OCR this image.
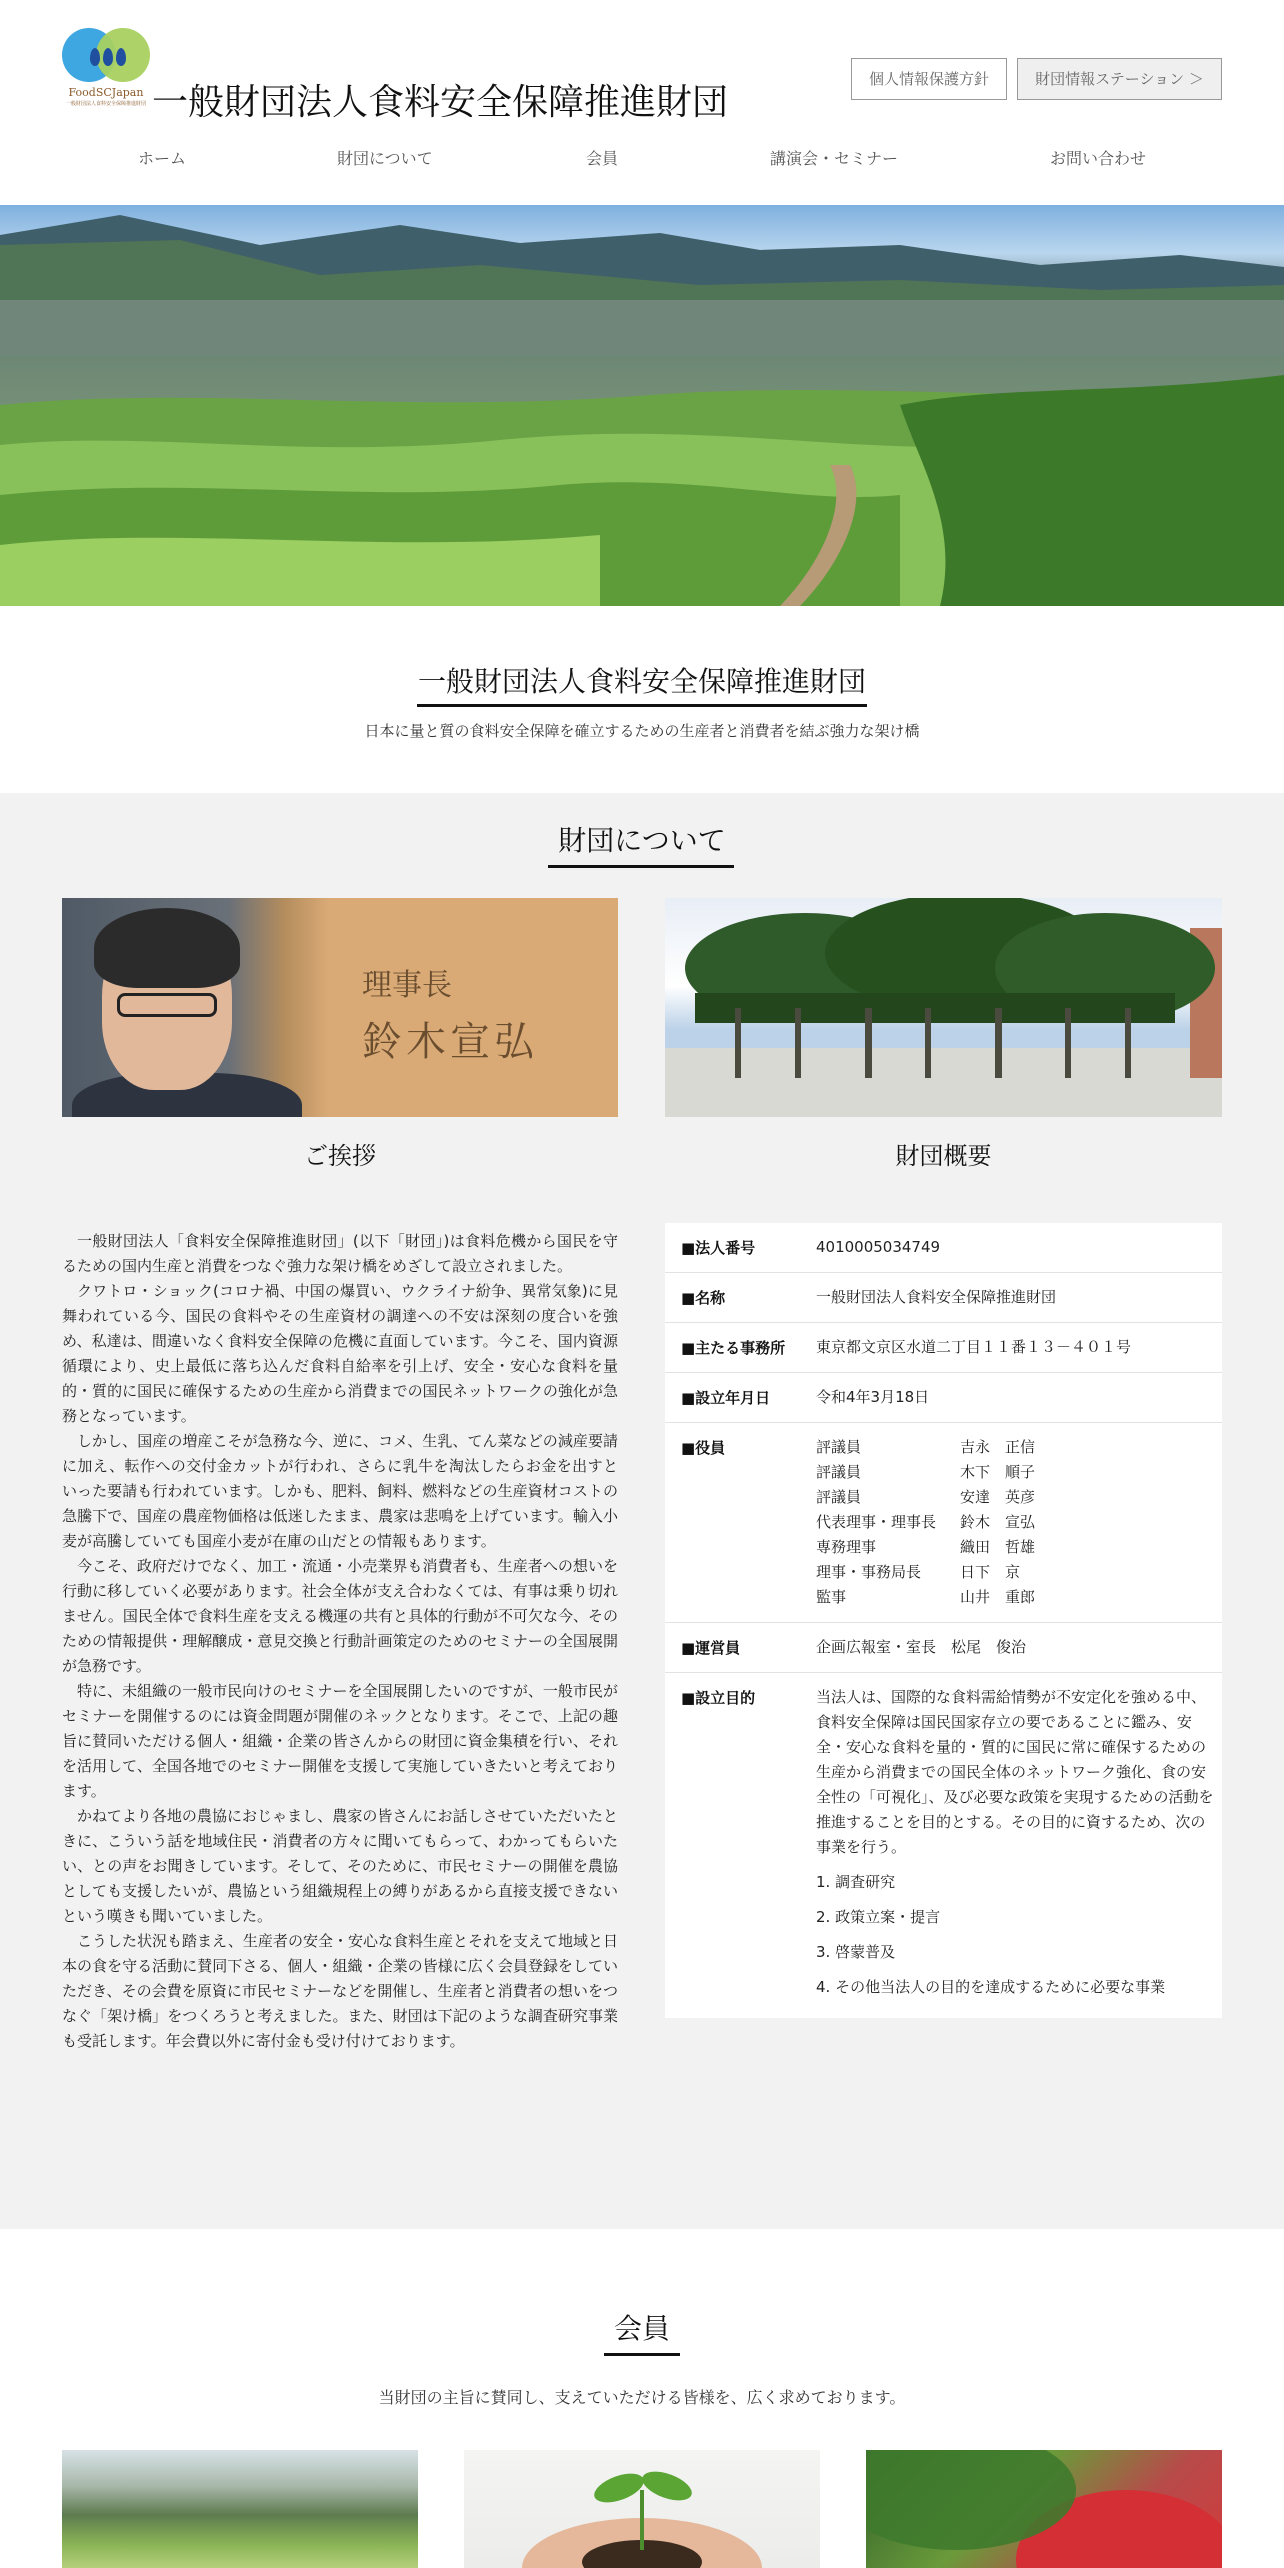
FoodSCJapan
一般財団法人食料安全保障推進財団 一般財団法人食料安全保障推進財団
個人情報保護方針	財団情報ステーション ＞
ホーム	財団について	会員	講演会・セミナー	お問い合わせ
一般財団法人食料安全保障推進財団
日本に量と質の食料安全保障を確立するための生産者と消費者を結ぶ強力な架け橋
財団について
理事長
鈴木宣弘
ご挨拶	財団概要

一般財団法人「食料安全保障推進財団」(以下「財団」)は食料危機から国民を守るための国内生産と消費をつなぐ強力な架け橋をめざして設立されました。

クワトロ・ショック(コロナ禍、中国の爆買い、ウクライナ紛争、異常気象)に見舞われている今、国民の食料やその生産資材の調達への不安は深刻の度合いを強め、私達は、間違いなく食料安全保障の危機に直面しています。今こそ、国内資源循環により、史上最低に落ち込んだ食料自給率を引上げ、安全・安心な食料を量的・質的に国民に確保するための生産から消費までの国民ネットワークの強化が急務となっています。

しかし、国産の増産こそが急務な今、逆に、コメ、生乳、てん菜などの減産要請に加え、転作への交付金カットが行われ、さらに乳牛を淘汰したらお金を出すといった要請も行われています。しかも、肥料、飼料、燃料などの生産資材コストの急騰下で、国産の農産物価格は低迷したまま、農家は悲鳴を上げています。輸入小麦が高騰していても国産小麦が在庫の山だとの情報もあります。

今こそ、政府だけでなく、加工・流通・小売業界も消費者も、生産者への想いを行動に移していく必要があります。社会全体が支え合わなくては、有事は乗り切れません。国民全体で食料生産を支える機運の共有と具体的行動が不可欠な今、そのための情報提供・理解醸成・意見交換と行動計画策定のためのセミナーの全国展開が急務です。

特に、未組織の一般市民向けのセミナーを全国展開したいのですが、一般市民がセミナーを開催するのには資金問題が開催のネックとなります。そこで、上記の趣旨に賛同いただける個人・組織・企業の皆さんからの財団に資金集積を行い、それを活用して、全国各地でのセミナー開催を支援して実施していきたいと考えております。

かねてより各地の農協におじゃまし、農家の皆さんにお話しさせていただいたときに、こういう話を地域住民・消費者の方々に聞いてもらって、わかってもらいたい、との声をお聞きしています。そして、そのために、市民セミナーの開催を農協としても支援したいが、農協という組織規程上の縛りがあるから直接支援できないという嘆きも聞いていました。

こうした状況も踏まえ、生産者の安全・安心な食料生産とそれを支えて地域と日本の食を守る活動に賛同下さる、個人・組織・企業の皆様に広く会員登録をしていただき、その会費を原資に市民セミナーなどを開催し、生産者と消費者の想いをつなぐ「架け橋」をつくろうと考えました。また、財団は下記のような調査研究事業も受託します。年会費以外に寄付金も受け付けております。

■法人番号	4010005034749
■名称	一般財団法人食料安全保障推進財団
■主たる事務所 東京都文京区水道二丁目１１番１３－４０１号
■設立年月日	令和4年3月18日
■役員	評議員	吉永　正信
評議員	木下　順子
評議員	安達　英彦
代表理事・理事長	鈴木　宣弘
専務理事	織田　哲雄
理事・事務局長	日下　京
監事	山井　重郎
■運営員	企画広報室・室長　松尾　俊治
■設立目的	当法人は、国際的な食料需給情勢が不安定化を強める中、食料安全保障は国民国家存立の要であることに鑑み、安全・安心な食料を量的・質的に国民に常に確保するための生産から消費までの国民全体のネットワーク強化、食の安全性の「可視化」、及び必要な政策を実現するための活動を推進することを目的とする。その目的に資するため、次の事業を行う。
1. 調査研究
2. 政策立案・提言
3. 啓蒙普及
4. その他当法人の目的を達成するために必要な事業
会員
当財団の主旨に賛同し、支えていただける皆様を、広く求めております。
